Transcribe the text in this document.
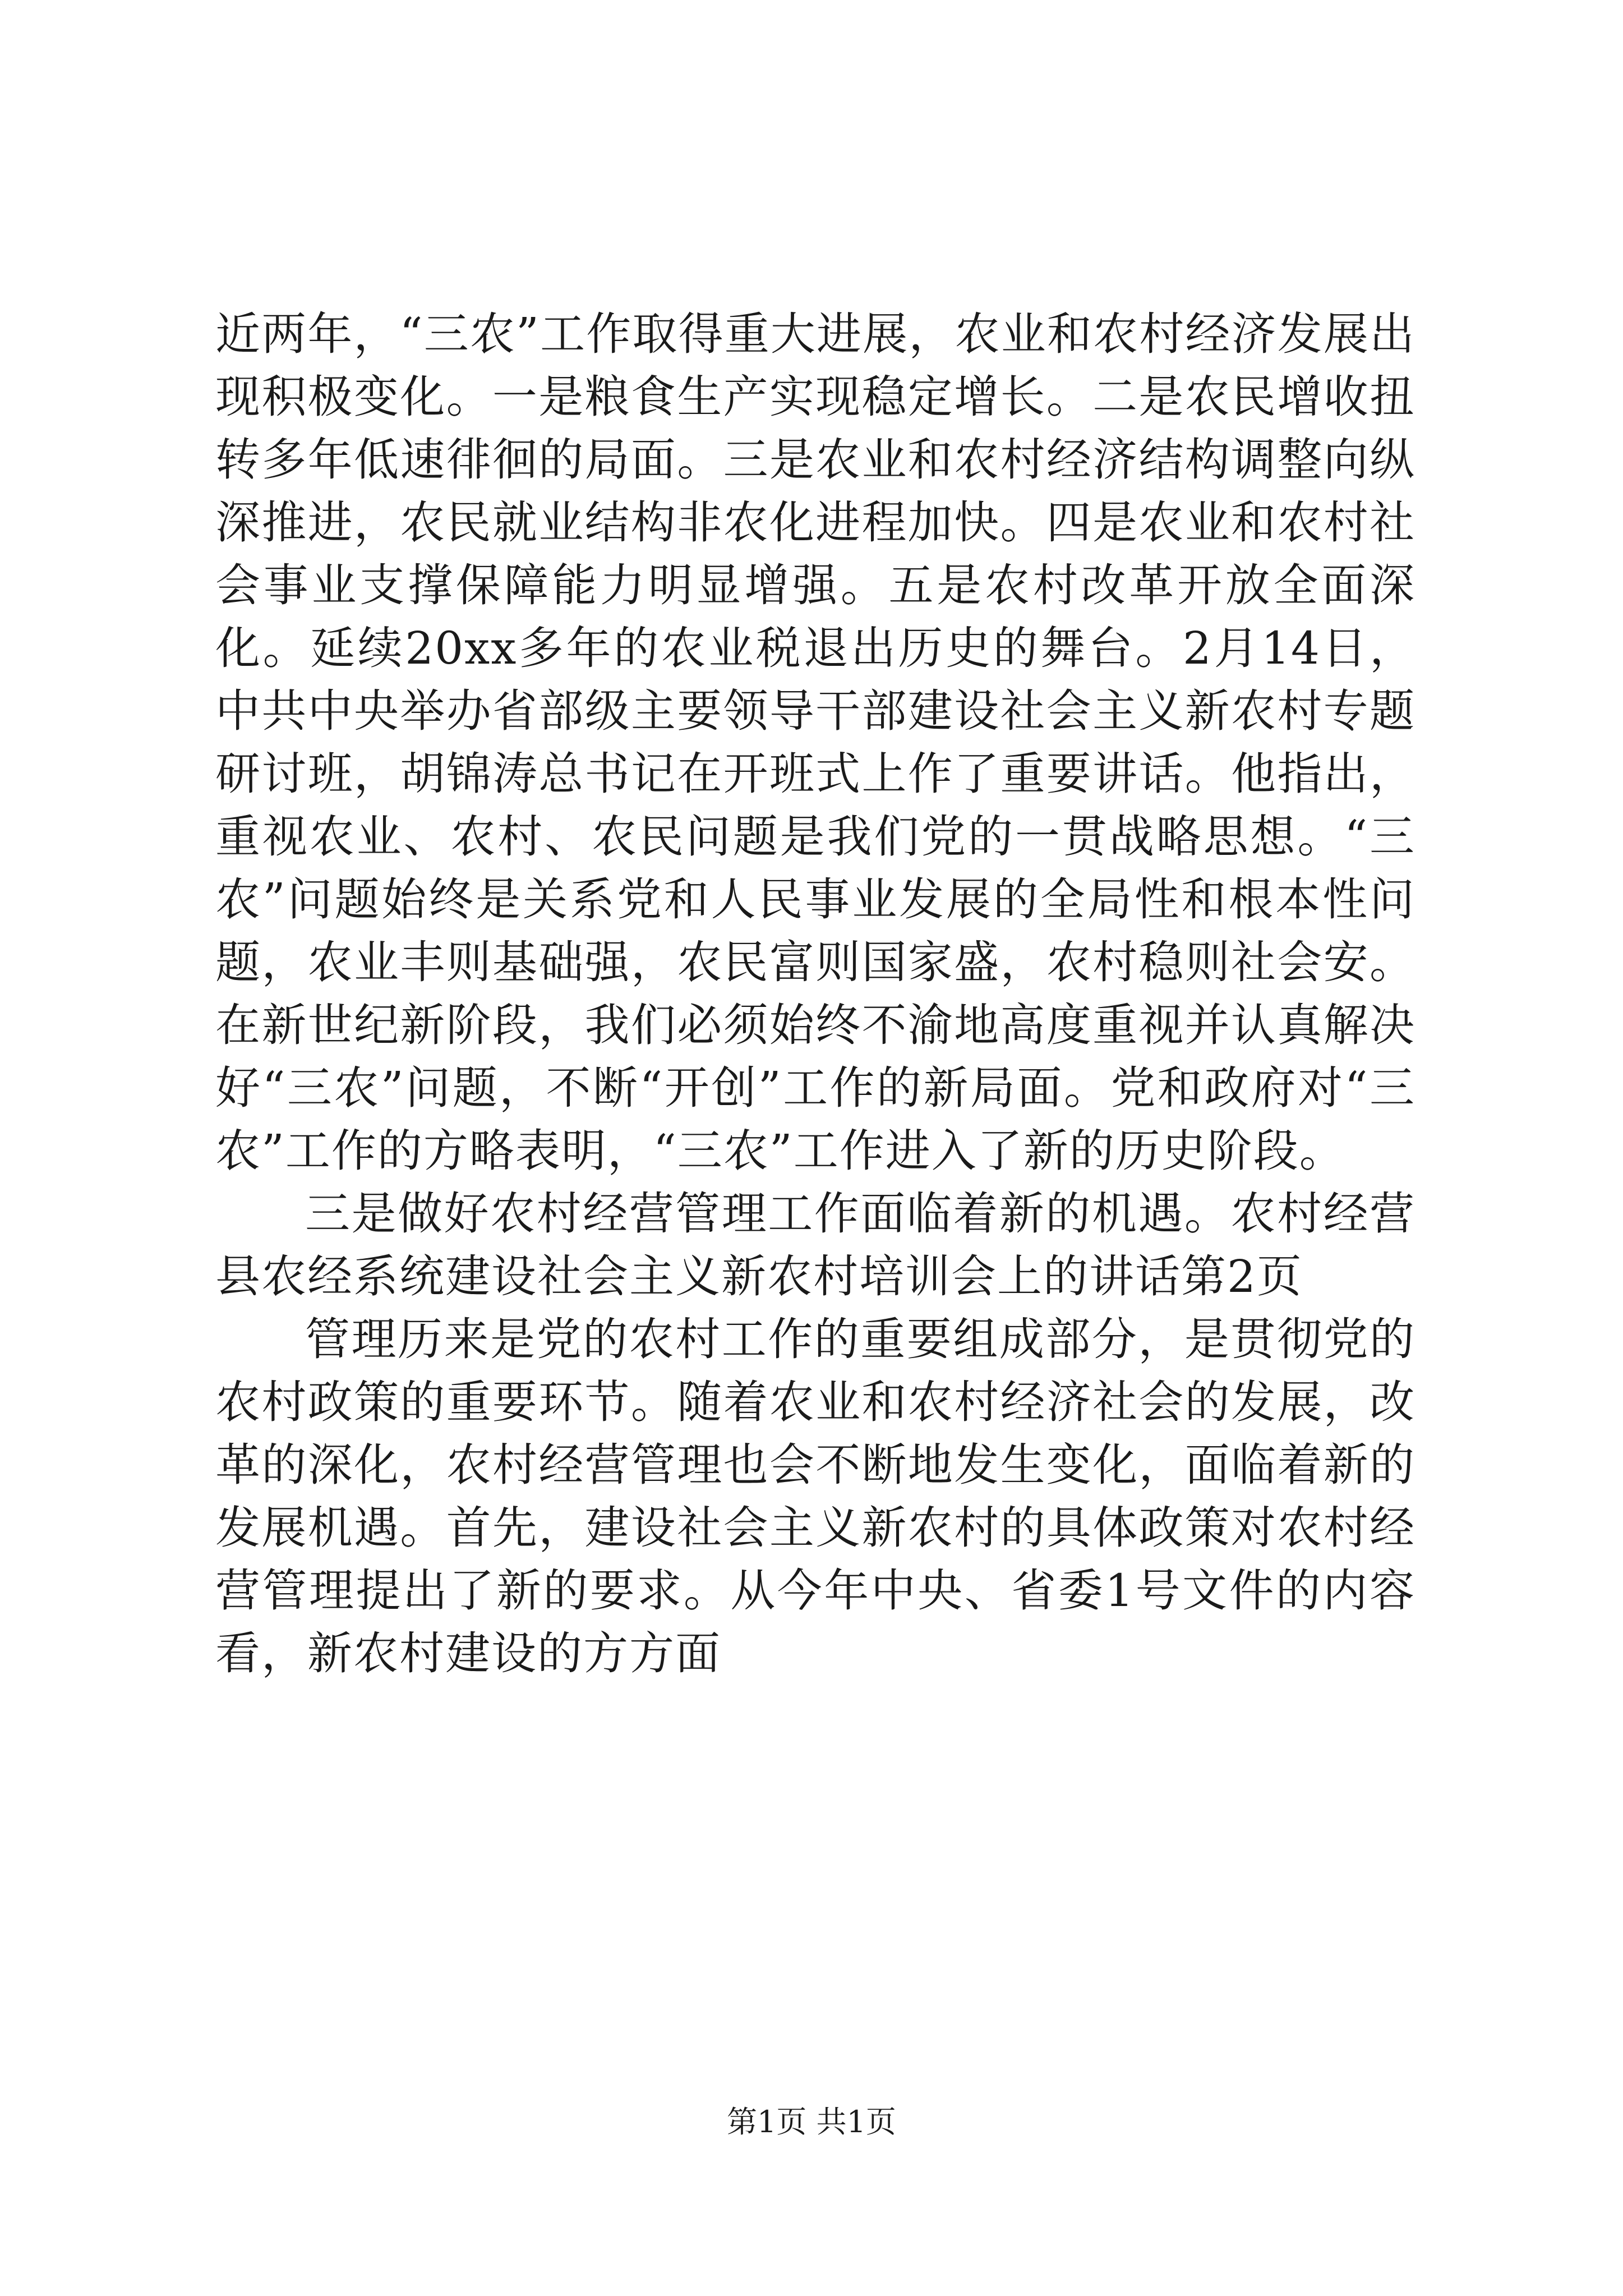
近两年，“三农”工作取得重大进展，农业和农村经济发展出现积极变化。一是粮食生产实现稳定增长。二是农民增收扭转多年低速徘徊的局面。三是农业和农村经济结构调整向纵深推进，农民就业结构非农化进程加快。四是农业和农村社会事业支撑保障能力明显增强。五是农村改革开放全面深化。延续20xx多年的农业税退出历史的舞台。2月14日，中共中央举办省部级主要领导干部建设社会主义新农村专题研讨班，胡锦涛总书记在开班式上作了重要讲话。他指出，重视农业、农村、农民问题是我们党的一贯战略思想。“三农”问题始终是关系党和人民事业发展的全局性和根本性问题，农业丰则基础强，农民富则国家盛，农村稳则社会安。在新世纪新阶段，我们必须始终不渝地高度重视并认真解决好“三农”问题，不断“开创”工作的新局面。党和政府对“三农”工作的方略表明，“三农”工作进入了新的历史阶段。

三是做好农村经营管理工作面临着新的机遇。农村经营县农经系统建设社会主义新农村培训会上的讲话第2页

管理历来是党的农村工作的重要组成部分，是贯彻党的农村政策的重要环节。随着农业和农村经济社会的发展，改革的深化，农村经营管理也会不断地发生变化，面临着新的发展机遇。首先，建设社会主义新农村的具体政策对农村经营管理提出了新的要求。从今年中央、省委1号文件的内容看，新农村建设的方方面

第1页 共1页
